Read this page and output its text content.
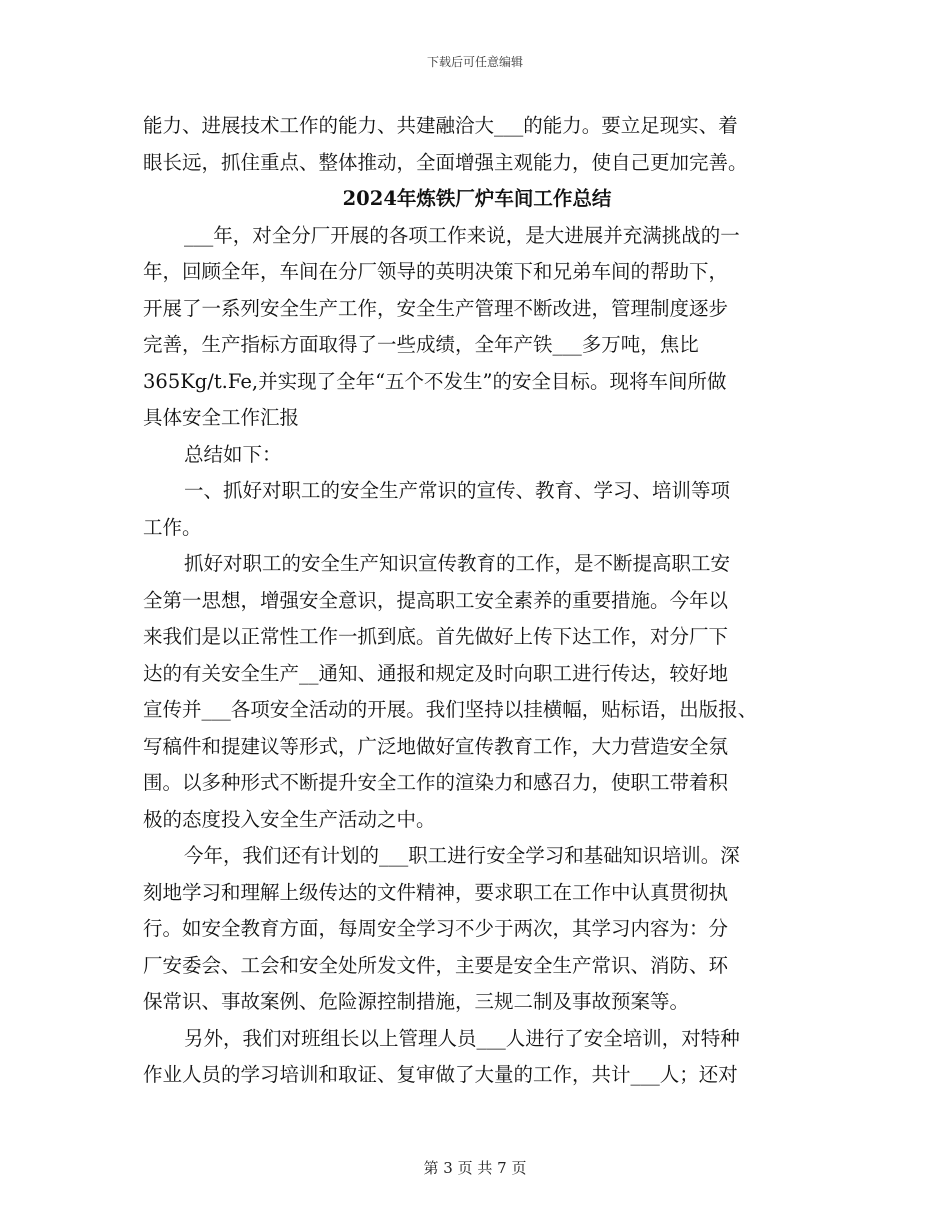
下载后可任意编辑
能力、进展技术工作的能力、共建融洽大___的能力。要立足现实、着
眼长远，抓住重点、整体推动，全面增强主观能力，使自己更加完善。
2024年炼铁厂炉车间工作总结
___年，对全分厂开展的各项工作来说，是大进展并充满挑战的一
年，回顾全年，车间在分厂领导的英明决策下和兄弟车间的帮助下，
开展了一系列安全生产工作，安全生产管理不断改进，管理制度逐步
完善，生产指标方面取得了一些成绩，全年产铁___多万吨，焦比
365Kg/t.Fe,并实现了全年“五个不发生”的安全目标。现将车间所做
具体安全工作汇报
总结如下：
一、抓好对职工的安全生产常识的宣传、教育、学习、培训等项
工作。
抓好对职工的安全生产知识宣传教育的工作，是不断提高职工安
全第一思想，增强安全意识，提高职工安全素养的重要措施。今年以
来我们是以正常性工作一抓到底。首先做好上传下达工作，对分厂下
达的有关安全生产__通知、通报和规定及时向职工进行传达，较好地
宣传并___各项安全活动的开展。我们坚持以挂横幅，贴标语，出版报、
写稿件和提建议等形式，广泛地做好宣传教育工作，大力营造安全氛
围。以多种形式不断提升安全工作的渲染力和感召力，使职工带着积
极的态度投入安全生产活动之中。
今年，我们还有计划的___职工进行安全学习和基础知识培训。深
刻地学习和理解上级传达的文件精神，要求职工在工作中认真贯彻执
行。如安全教育方面，每周安全学习不少于两次，其学习内容为：分
厂安委会、工会和安全处所发文件，主要是安全生产常识、消防、环
保常识、事故案例、危险源控制措施，三规二制及事故预案等。
另外，我们对班组长以上管理人员___人进行了安全培训，对特种
作业人员的学习培训和取证、复审做了大量的工作，共计___人；还对
第 3 页 共 7 页
